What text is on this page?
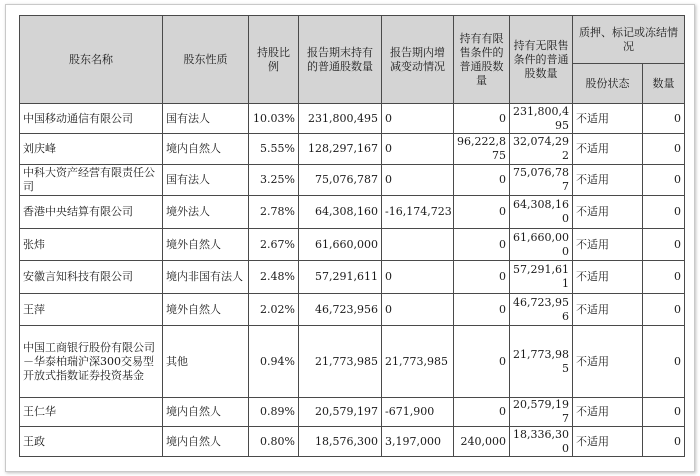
股东名称	股东性质	持股比例	报告期末持有的普通股数量	报告期内增减变动情况	持有有限售条件的普通股数量	持有无限售条件的普通股数量	质押、标记或冻结情况	
							股份状态	数量
中国移动通信有限公司	国有法人	10.03%	231,800,495	0	0	231,800,495	不适用	0
刘庆峰	境内自然人	5.55%	128,297,167	0	96,222,875	32,074,292	不适用	0
中科大资产经营有限责任公司	国有法人	3.25%	75,076,787	0	0	75,076,787	不适用	0
香港中央结算有限公司	境外法人	2.78%	64,308,160	-16,174,723	0	64,308,160	不适用	0
张炜	境外自然人	2.67%	61,660,000		0	61,660,000	不适用	0
安徽言知科技有限公司	境内非国有法人	2.48%	57,291,611	0	0	57,291,611	不适用	0
王萍	境外自然人	2.02%	46,723,956	0	0	46,723,956	不适用	0
中国工商银行股份有限公司－华泰柏瑞沪深300交易型开放式指数证券投资基金	其他	0.94%	21,773,985	21,773,985	0	21,773,985	不适用	0
王仁华	境内自然人	0.89%	20,579,197	-671,900	0	20,579,197	不适用	0
王政	境内自然人	0.80%	18,576,300	3,197,000	240,000	18,336,300	不适用	0
